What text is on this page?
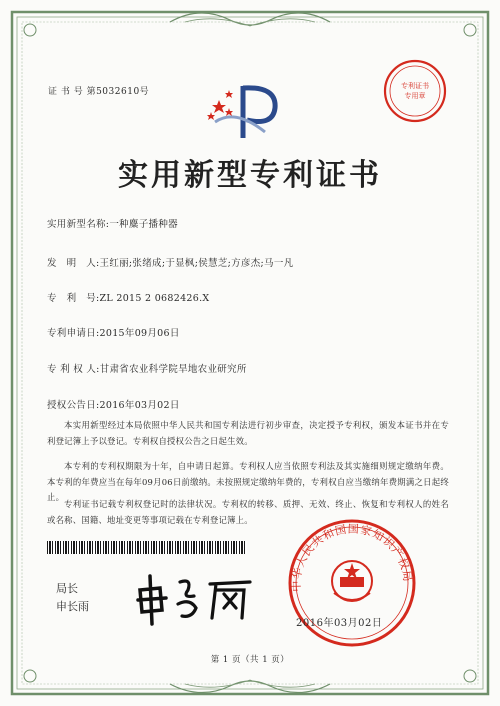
证 书 号 第5032610号
专利证书
专用章
实用新型专利证书
实用新型名称:一种麋子播种器
发　明　人:王红丽;张绪成;于显枫;侯慧芝;方彦杰;马一凡
专　利　号:ZL 2015 2 0682426.X
专利申请日:2015年09月06日
专 利 权 人:甘肃省农业科学院旱地农业研究所
授权公告日:2016年03月02日

本实用新型经过本局依照中华人民共和国专利法进行初步审查，决定授予专利权，颁发本证书并在专利登记簿上予以登记。专利权自授权公告之日起生效。

本专利的专利权期限为十年，自申请日起算。专利权人应当依照专利法及其实施细则规定缴纳年费。本专利的年费应当在每年09月06日前缴纳。未按照规定缴纳年费的，专利权自应当缴纳年费期满之日起终止。

专利证书记载专利权登记时的法律状况。专利权的转移、质押、无效、终止、恢复和专利权人的姓名或名称、国籍、地址变更等事项记载在专利登记簿上。

局长
申长雨
中华人民共和国国家知识产权局
2016年03月02日
第 1 页（共 1 页）
